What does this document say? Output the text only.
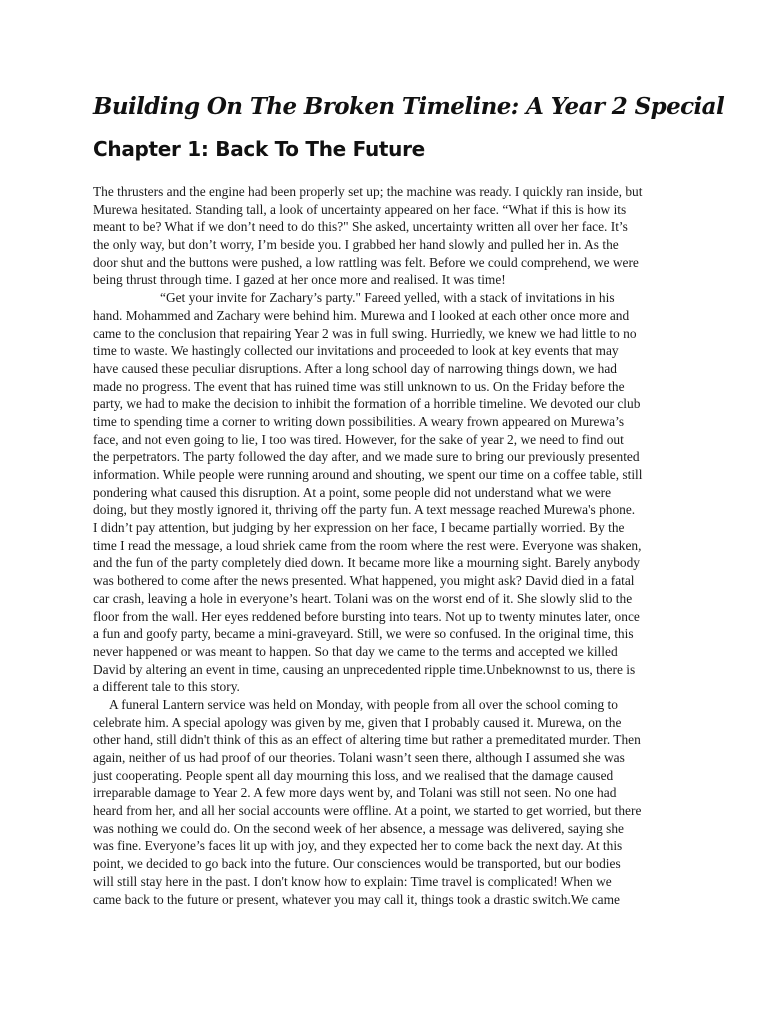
Building On The Broken Timeline: A Year 2 Special
Chapter 1: Back To The Future
The thrusters and the engine had been properly set up; the machine was ready. I quickly ran inside, but
Murewa hesitated. Standing tall, a look of uncertainty appeared on her face. “What if this is how its
meant to be? What if we don’t need to do this?" She asked, uncertainty written all over her face. It’s
the only way, but don’t worry, I’m beside you. I grabbed her hand slowly and pulled her in. As the
door shut and the buttons were pushed, a low rattling was felt. Before we could comprehend, we were
being thrust through time. I gazed at her once more and realised. It was time!
“Get your invite for Zachary’s party." Fareed yelled, with a stack of invitations in his
hand. Mohammed and Zachary were behind him. Murewa and I looked at each other once more and
came to the conclusion that repairing Year 2 was in full swing. Hurriedly, we knew we had little to no
time to waste. We hastingly collected our invitations and proceeded to look at key events that may
have caused these peculiar disruptions. After a long school day of narrowing things down, we had
made no progress. The event that has ruined time was still unknown to us. On the Friday before the
party, we had to make the decision to inhibit the formation of a horrible timeline. We devoted our club
time to spending time a corner to writing down possibilities. A weary frown appeared on Murewa’s
face, and not even going to lie, I too was tired. However, for the sake of year 2, we need to find out
the perpetrators. The party followed the day after, and we made sure to bring our previously presented
information. While people were running around and shouting, we spent our time on a coffee table, still
pondering what caused this disruption. At a point, some people did not understand what we were
doing, but they mostly ignored it, thriving off the party fun. A text message reached Murewa's phone.
I didn’t pay attention, but judging by her expression on her face, I became partially worried. By the
time I read the message, a loud shriek came from the room where the rest were. Everyone was shaken,
and the fun of the party completely died down. It became more like a mourning sight. Barely anybody
was bothered to come after the news presented. What happened, you might ask? David died in a fatal
car crash, leaving a hole in everyone’s heart. Tolani was on the worst end of it. She slowly slid to the
floor from the wall. Her eyes reddened before bursting into tears. Not up to twenty minutes later, once
a fun and goofy party, became a mini-graveyard. Still, we were so confused. In the original time, this
never happened or was meant to happen. So that day we came to the terms and accepted we killed
David by altering an event in time, causing an unprecedented ripple time.Unbeknownst to us, there is
a different tale to this story.
A funeral Lantern service was held on Monday, with people from all over the school coming to
celebrate him. A special apology was given by me, given that I probably caused it. Murewa, on the
other hand, still didn't think of this as an effect of altering time but rather a premeditated murder. Then
again, neither of us had proof of our theories. Tolani wasn’t seen there, although I assumed she was
just cooperating. People spent all day mourning this loss, and we realised that the damage caused
irreparable damage to Year 2. A few more days went by, and Tolani was still not seen. No one had
heard from her, and all her social accounts were offline. At a point, we started to get worried, but there
was nothing we could do. On the second week of her absence, a message was delivered, saying she
was fine. Everyone’s faces lit up with joy, and they expected her to come back the next day. At this
point, we decided to go back into the future. Our consciences would be transported, but our bodies
will still stay here in the past. I don't know how to explain: Time travel is complicated! When we
came back to the future or present, whatever you may call it, things took a drastic switch.We came
